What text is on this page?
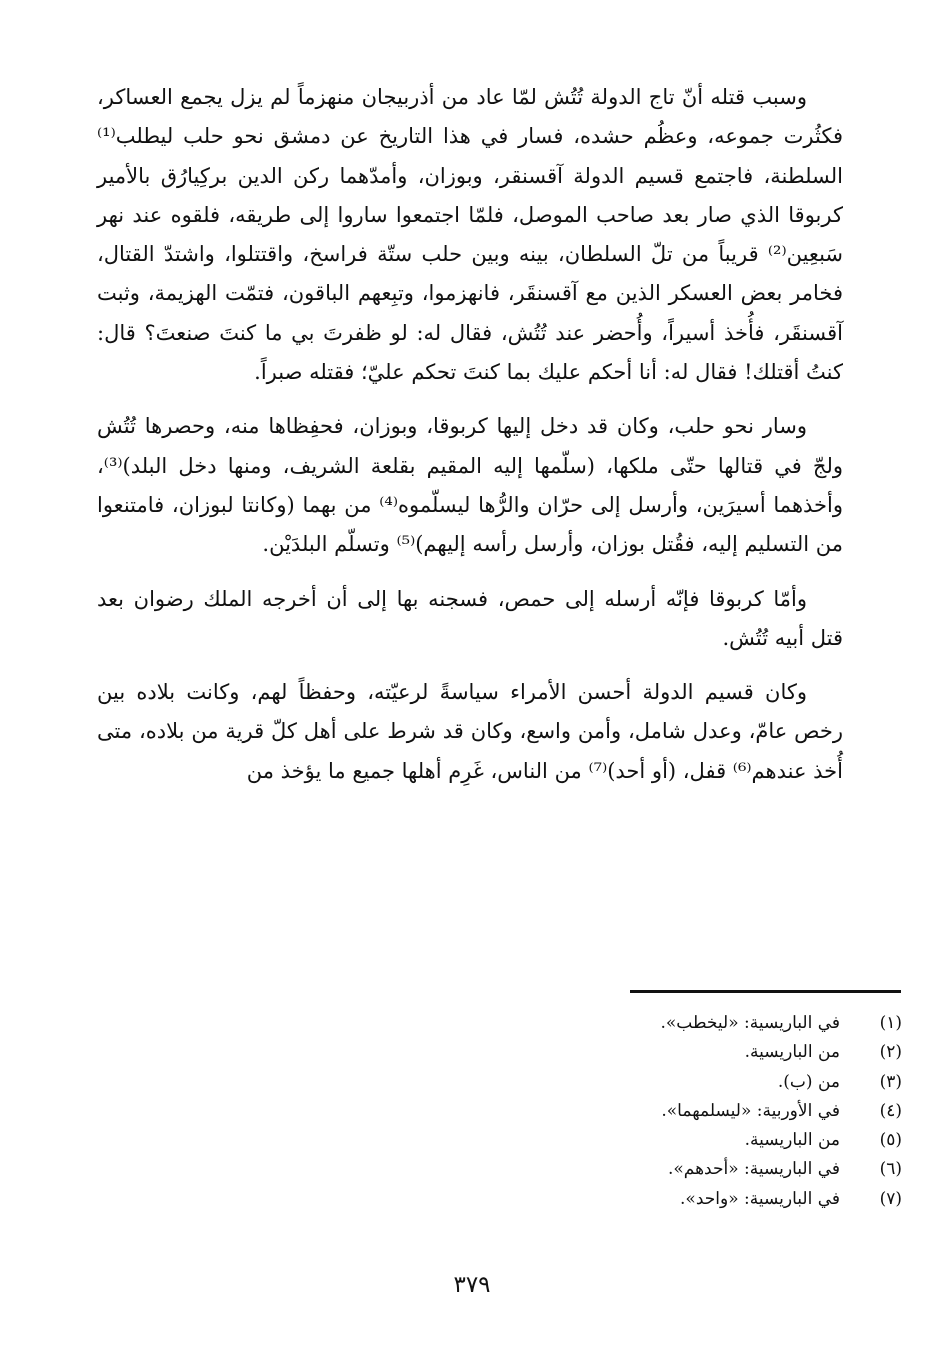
وسبب قتله أنّ تاج الدولة تُتُش لمّا عاد من أذربيجان منهزماً لم يزل يجمع العساكر، فكثُرت جموعه، وعظُم حشده، فسار في هذا التاريخ عن دمشق نحو حلب ليطلب⁽¹⁾ السلطنة، فاجتمع قسيم الدولة آقسنقر، وبوزان، وأمدّهما ركن الدين بركِيارُق بالأمير كربوقا الذي صار بعد صاحب الموصل، فلمّا اجتمعوا ساروا إلى طريقه، فلقوه عند نهر سَبعِين⁽²⁾ قريباً من تلّ السلطان، بينه وبين حلب ستّة فراسخ، واقتتلوا، واشتدّ القتال، فخامر بعض العسكر الذين مع آقسنقَر، فانهزموا، وتبِعهم الباقون، فتمّت الهزيمة، وثبت آقسنقَر، فأُخذ أسيراً، وأُحضر عند تُتُش، فقال له: لو ظفرتَ بي ما كنتَ صنعتَ؟ قال: كنتُ أقتلك! فقال له: أنا أحكم عليك بما كنتَ تحكم عليّ؛ فقتله صبراً.

وسار نحو حلب، وكان قد دخل إليها كربوقا، وبوزان، فحفِظاها منه، وحصرها تُتُش ولجّ في قتالها حتّى ملكها، (سلّمها إليه المقيم بقلعة الشريف، ومنها دخل البلد)⁽³⁾، وأخذهما أسيرَين، وأرسل إلى حرّان والرُّها ليسلّموه⁽⁴⁾ من بهما (وكانتا لبوزان، فامتنعوا من التسليم إليه، فقُتل بوزان، وأرسل رأسه إليهم)⁽⁵⁾ وتسلّم البلدَيْن.

وأمّا كربوقا فإنّه أرسله إلى حمص، فسجنه بها إلى أن أخرجه الملك رضوان بعد قتل أبيه تُتُش.

وكان قسيم الدولة أحسن الأمراء سياسةً لرعيّته، وحفظاً لهم، وكانت بلاده بين رخص عامّ، وعدل شامل، وأمن واسع، وكان قد شرط على أهل كلّ قرية من بلاده، متى أُخذ عندهم⁽⁶⁾ قفل، (أو أحد)⁽⁷⁾ من الناس، غَرِم أهلها جميع ما يؤخذ من

(١)
في الباريسية: «ليخطب».
(٢)
من الباريسية.
(٣)
من (ب).
(٤)
في الأوربية: «ليسلمهما».
(٥)
من الباريسية.
(٦)
في الباريسية: «أحدهم».
(٧)
في الباريسية: «واحد».
٣٧٩
